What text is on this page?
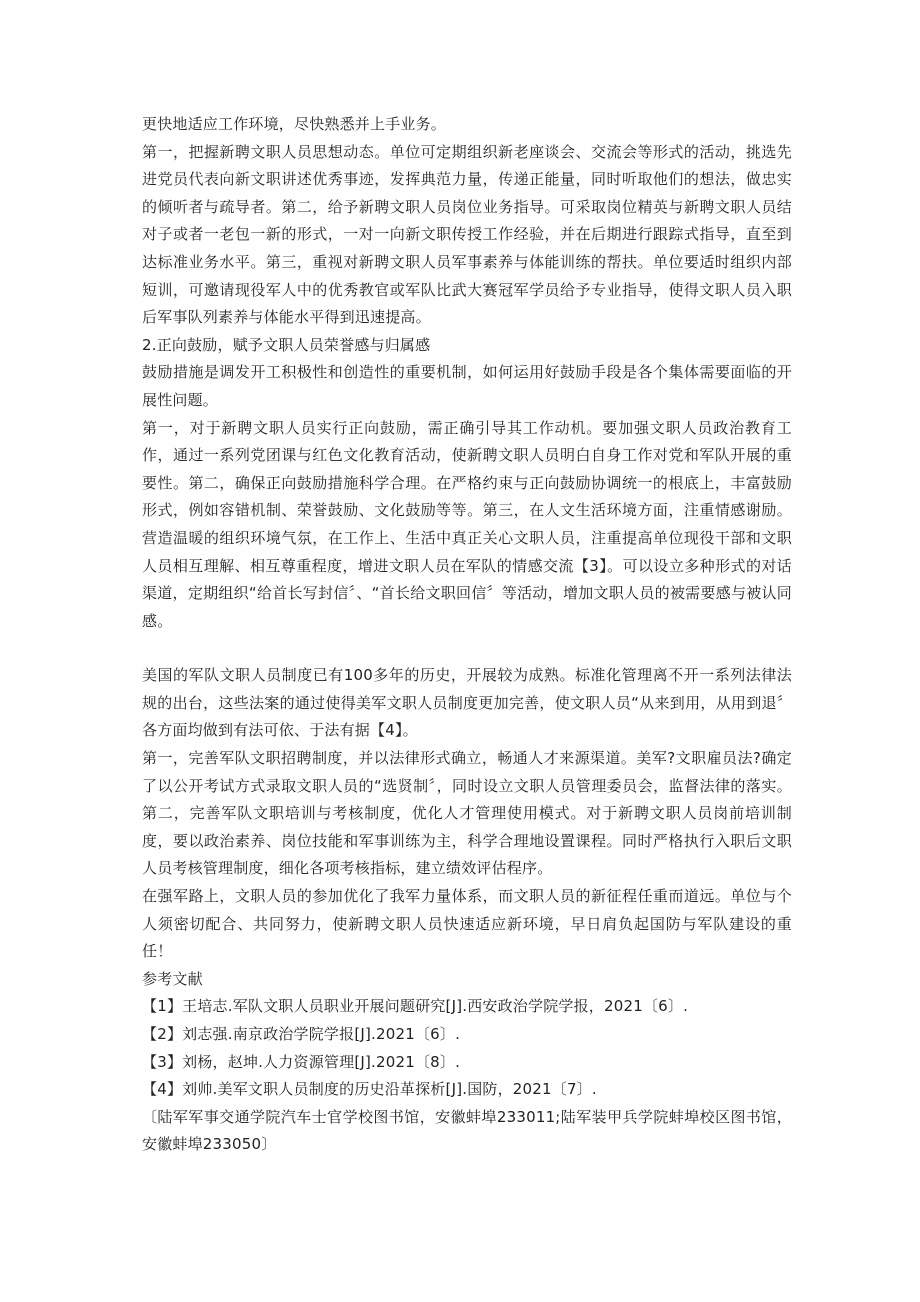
更快地适应工作环境，尽快熟悉并上手业务。

第一，把握新聘文职人员思想动态。单位可定期组织新老座谈会、交流会等形式的活动，挑选先进党员代表向新文职讲述优秀事迹，发挥典范力量，传递正能量，同时听取他们的想法，做忠实的倾听者与疏导者。第二，给予新聘文职人员岗位业务指导。可采取岗位精英与新聘文职人员结对子或者一老包一新的形式，一对一向新文职传授工作经验，并在后期进行跟踪式指导，直至到达标准业务水平。第三，重视对新聘文职人员军事素养与体能训练的帮扶。单位要适时组织内部短训，可邀请现役军人中的优秀教官或军队比武大赛冠军学员给予专业指导，使得文职人员入职后军事队列素养与体能水平得到迅速提高。

2.正向鼓励，赋予文职人员荣誉感与归属感

鼓励措施是调发开工积极性和创造性的重要机制，如何运用好鼓励手段是各个集体需要面临的开展性问题。

第一，对于新聘文职人员实行正向鼓励，需正确引导其工作动机。要加强文职人员政治教育工作，通过一系列党团课与红色文化教育活动，使新聘文职人员明白自身工作对党和军队开展的重要性。第二，确保正向鼓励措施科学合理。在严格约束与正向鼓励协调统一的根底上，丰富鼓励形式，例如容错机制、荣誉鼓励、文化鼓励等等。第三，在人文生活环境方面，注重情感谢励。营造温暖的组织环境气氛，在工作上、生活中真正关心文职人员，注重提高单位现役干部和文职人员相互理解、相互尊重程度，增进文职人员在军队的情感交流【3】。可以设立多种形式的对话渠道，定期组织“给首长写封信〞、“首长给文职回信〞等活动，增加文职人员的被需要感与被认同感。

美国的军队文职人员制度已有100多年的历史，开展较为成熟。标准化管理离不开一系列法律法规的出台，这些法案的通过使得美军文职人员制度更加完善，使文职人员“从来到用，从用到退〞各方面均做到有法可依、于法有据【4】。

第一，完善军队文职招聘制度，并以法律形式确立，畅通人才来源渠道。美军?文职雇员法?确定了以公开考试方式录取文职人员的“选贤制〞，同时设立文职人员管理委员会，监督法律的落实。第二，完善军队文职培训与考核制度，优化人才管理使用模式。对于新聘文职人员岗前培训制度，要以政治素养、岗位技能和军事训练为主，科学合理地设置课程。同时严格执行入职后文职人员考核管理制度，细化各项考核指标，建立绩效评估程序。

在强军路上，文职人员的参加优化了我军力量体系，而文职人员的新征程任重而道远。单位与个人须密切配合、共同努力，使新聘文职人员快速适应新环境，早日肩负起国防与军队建设的重任！

参考文献

【1】王培志.军队文职人员职业开展问题研究[J].西安政治学院学报，2021〔6〕.

【2】刘志强.南京政治学院学报[J].2021〔6〕.

【3】刘杨，赵坤.人力资源管理[J].2021〔8〕.

【4】刘帅.美军文职人员制度的历史沿革探析[J].国防，2021〔7〕.

〔陆军军事交通学院汽车士官学校图书馆，安徽蚌埠233011;陆军装甲兵学院蚌埠校区图书馆，安徽蚌埠233050〕
